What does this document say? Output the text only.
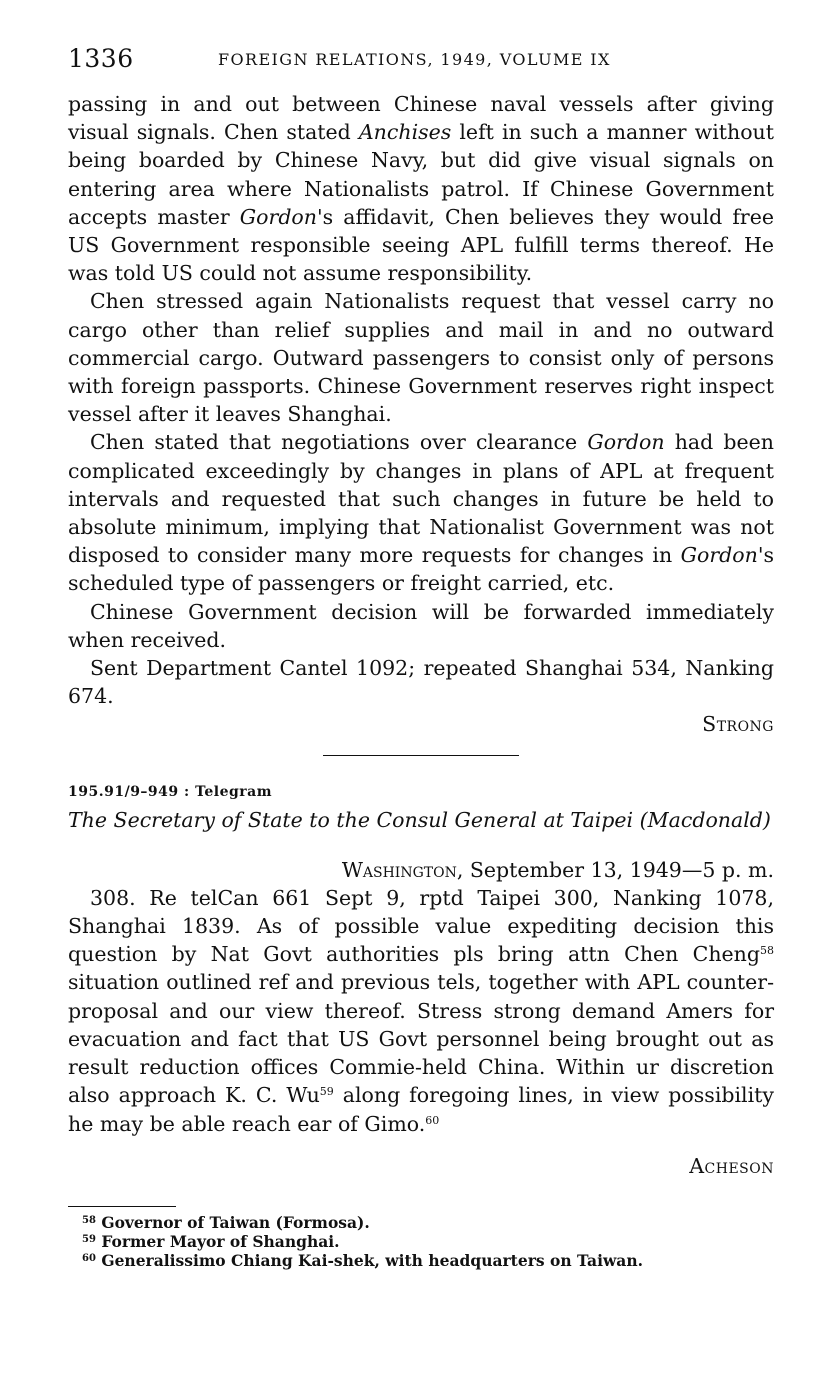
1336	FOREIGN RELATIONS, 1949, VOLUME IX

passing in and out between Chinese naval vessels after giving visual signals. Chen stated Anchises left in such a manner without being boarded by Chinese Navy, but did give visual signals on entering area where Nationalists patrol. If Chinese Government accepts master Gordon's affidavit, Chen believes they would free US Government responsible seeing APL fulfill terms thereof. He was told US could not assume responsibility.

Chen stressed again Nationalists request that vessel carry no cargo other than relief supplies and mail in and no outward commercial cargo. Outward passengers to consist only of persons with foreign passports. Chinese Government reserves right inspect vessel after it leaves Shanghai.

Chen stated that negotiations over clearance Gordon had been complicated exceedingly by changes in plans of APL at frequent intervals and requested that such changes in future be held to absolute minimum, implying that Nationalist Government was not disposed to consider many more requests for changes in Gordon's scheduled type of passengers or freight carried, etc.

Chinese Government decision will be forwarded immediately when received.

Sent Department Cantel 1092; repeated Shanghai 534, Nanking 674.

Strong
195.91/9–949 : Telegram
The Secretary of State to the Consul General at Taipei (Macdonald)
Washington, September 13, 1949—5 p. m.

308. Re telCan 661 Sept 9, rptd Taipei 300, Nanking 1078, Shanghai 1839. As of possible value expediting decision this question by Nat Govt authorities pls bring attn Chen Cheng$^{58}$ situation outlined ref and previous tels, together with APL counter-proposal and our view thereof. Stress strong demand Amers for evacuation and fact that US Govt personnel being brought out as result reduction offices Commie-held China. Within ur discretion also approach K. C. Wu$^{59}$ along foregoing lines, in view possibility he may be able reach ear of Gimo.$^{60}$

Acheson
$^{58}$ Governor of Taiwan (Formosa).
$^{59}$ Former Mayor of Shanghai.
$^{60}$ Generalissimo Chiang Kai-shek, with headquarters on Taiwan.
